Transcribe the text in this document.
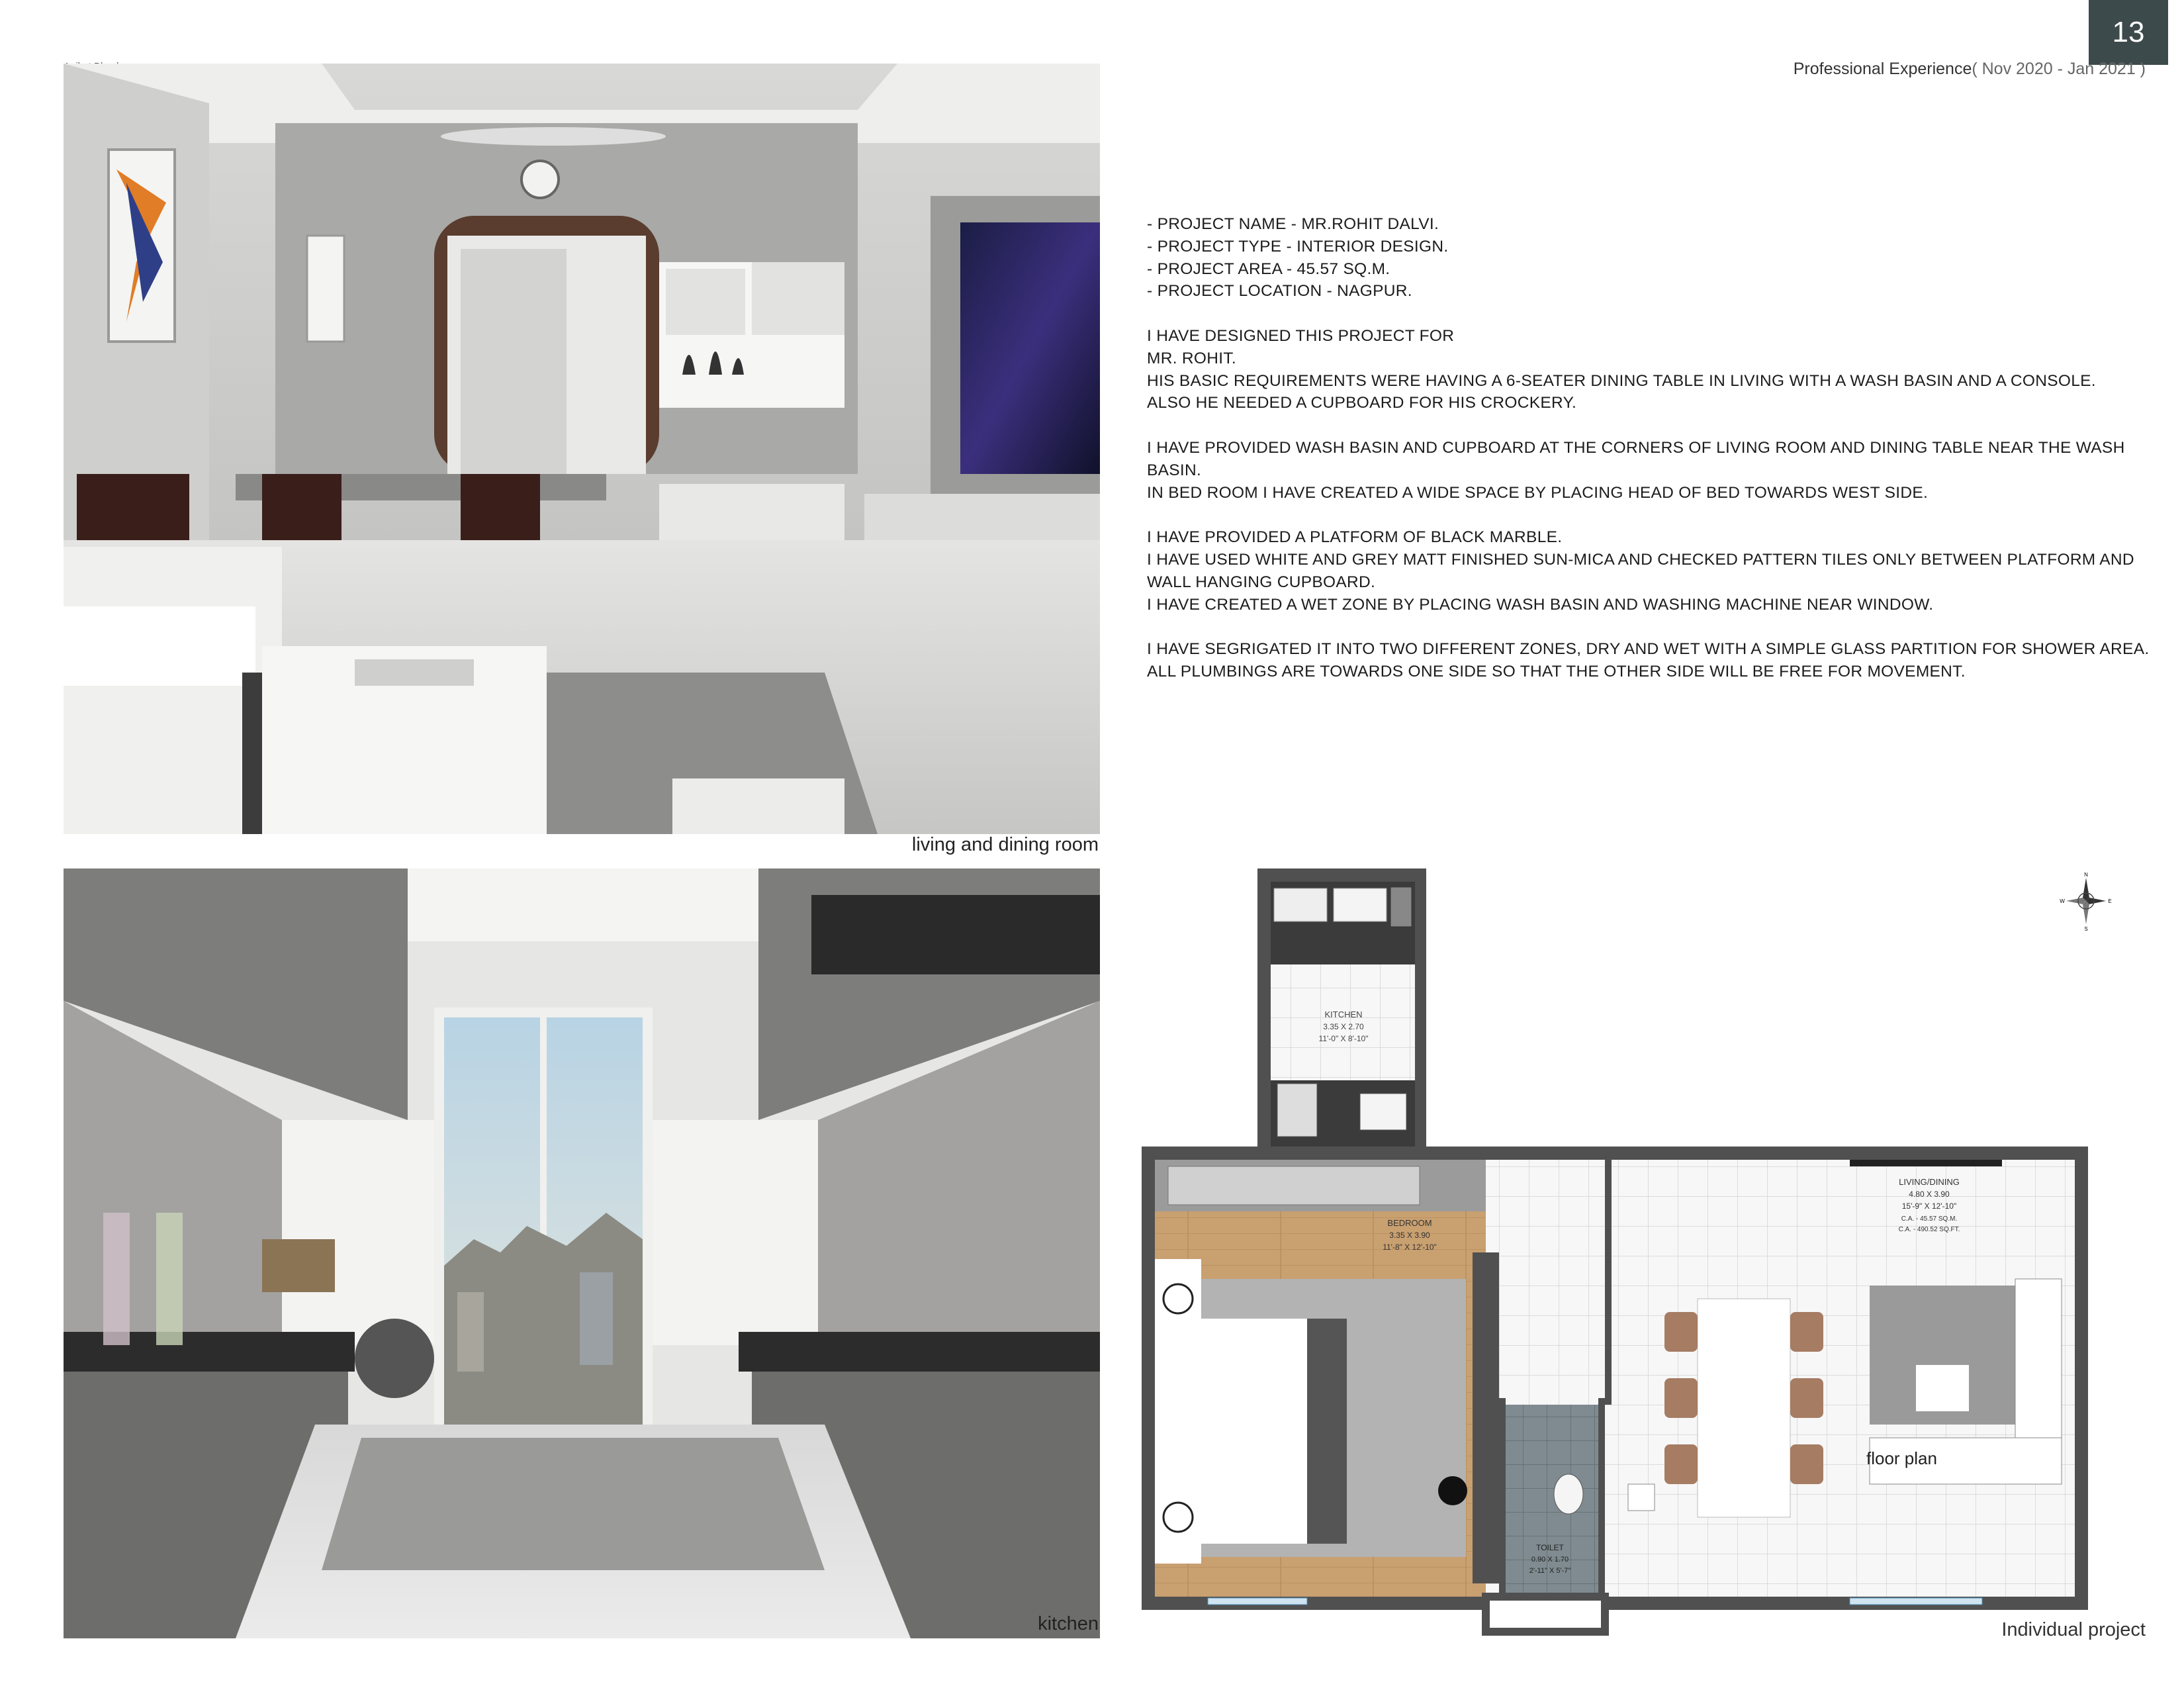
13
Professional Experience( Nov 2020 - Jan 2021 )
living and dining room
kitchen

- PROJECT NAME - MR.ROHIT DALVI.

- PROJECT TYPE - INTERIOR DESIGN.

- PROJECT AREA - 45.57 SQ.M.

- PROJECT LOCATION - NAGPUR.

I HAVE DESIGNED THIS PROJECT FOR

MR. ROHIT.

HIS BASIC REQUIREMENTS WERE HAVING A 6-SEATER DINING TABLE IN LIVING WITH A WASH BASIN AND A CONSOLE.

ALSO HE NEEDED A CUPBOARD FOR HIS CROCKERY.

I HAVE PROVIDED WASH BASIN AND CUPBOARD AT THE CORNERS OF LIVING ROOM AND DINING TABLE NEAR THE WASH BASIN.

IN BED ROOM I HAVE CREATED A WIDE SPACE BY PLACING HEAD OF BED TOWARDS WEST SIDE.

I HAVE PROVIDED A PLATFORM OF BLACK MARBLE.

I HAVE USED WHITE AND GREY MATT FINISHED SUN-MICA AND CHECKED PATTERN TILES ONLY BETWEEN PLATFORM AND WALL HANGING CUPBOARD.

I HAVE CREATED A WET ZONE BY PLACING WASH BASIN AND WASHING MACHINE NEAR WINDOW.

I HAVE SEGRIGATED IT INTO TWO DIFFERENT ZONES, DRY AND WET WITH A SIMPLE GLASS PARTITION FOR SHOWER AREA.

ALL PLUMBINGS ARE TOWARDS ONE SIDE SO THAT THE OTHER SIDE WILL BE FREE FOR MOVEMENT.

N
S
E
W
KITCHEN
3.35 X 2.70
11'-0" X 8'-10"
BEDROOM
3.35 X 3.90
11'-8" X 12'-10"
TOILET
0.90 X 1.70
2'-11" X 5'-7"
LIVING/DINING
4.80 X 3.90
15'-9" X 12'-10"
C.A. - 45.57 SQ.M.
C.A. - 490.52 SQ.FT.
floor plan
Individual project
